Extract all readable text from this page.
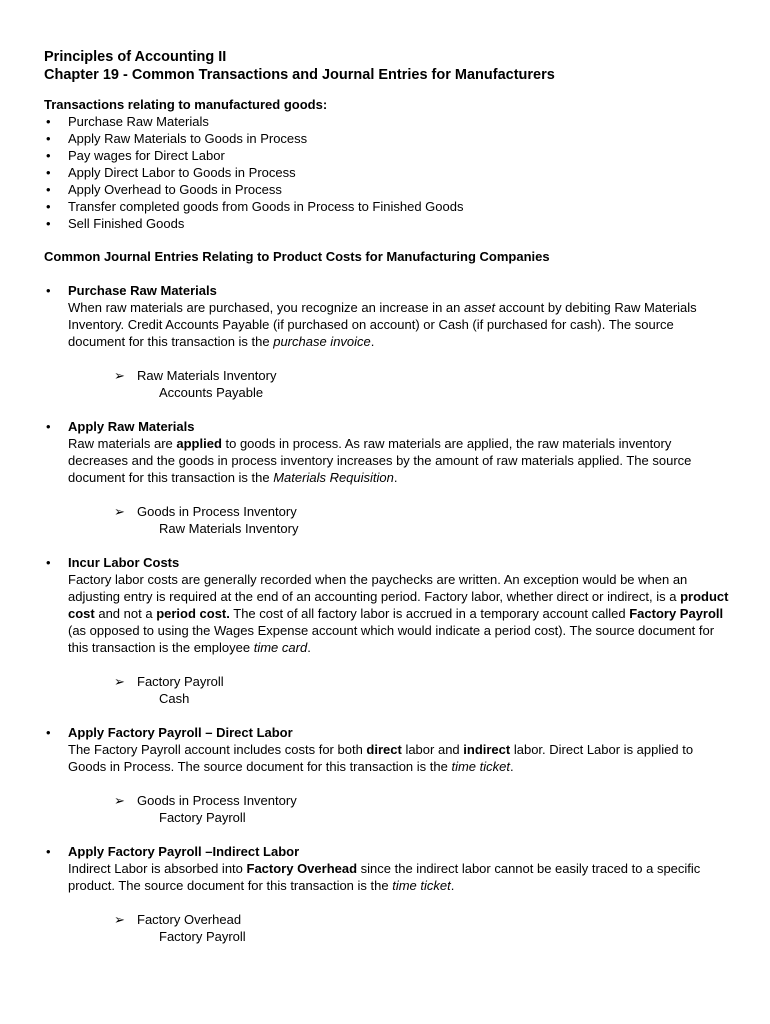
Principles of Accounting II
Chapter 19 - Common Transactions and Journal Entries for Manufacturers
Transactions relating to manufactured goods:
• Purchase Raw Materials
• Apply Raw Materials to Goods in Process
• Pay wages for Direct Labor
• Apply Direct Labor to Goods in Process
• Apply Overhead to Goods in Process
• Transfer completed goods from Goods in Process to Finished Goods
• Sell Finished Goods
Common Journal Entries Relating to Product Costs for Manufacturing Companies
• Purchase Raw Materials
When raw materials are purchased, you recognize an increase in an asset account by debiting Raw Materials Inventory. Credit Accounts Payable (if purchased on account) or Cash (if purchased for cash). The source document for this transaction is the purchase invoice.
➢ Raw Materials Inventory
Accounts Payable
• Apply Raw Materials
Raw materials are applied to goods in process. As raw materials are applied, the raw materials inventory decreases and the goods in process inventory increases by the amount of raw materials applied. The source document for this transaction is the Materials Requisition.
➢ Goods in Process Inventory
Raw Materials Inventory
• Incur Labor Costs
Factory labor costs are generally recorded when the paychecks are written. An exception would be when an adjusting entry is required at the end of an accounting period. Factory labor, whether direct or indirect, is a product cost and not a period cost. The cost of all factory labor is accrued in a temporary account called Factory Payroll (as opposed to using the Wages Expense account which would indicate a period cost). The source document for this transaction is the employee time card.
➢ Factory Payroll
Cash
• Apply Factory Payroll – Direct Labor
The Factory Payroll account includes costs for both direct labor and indirect labor. Direct Labor is applied to Goods in Process. The source document for this transaction is the time ticket.
➢ Goods in Process Inventory
Factory Payroll
• Apply Factory Payroll –Indirect Labor
Indirect Labor is absorbed into Factory Overhead since the indirect labor cannot be easily traced to a specific product. The source document for this transaction is the time ticket.
➢ Factory Overhead
Factory Payroll
